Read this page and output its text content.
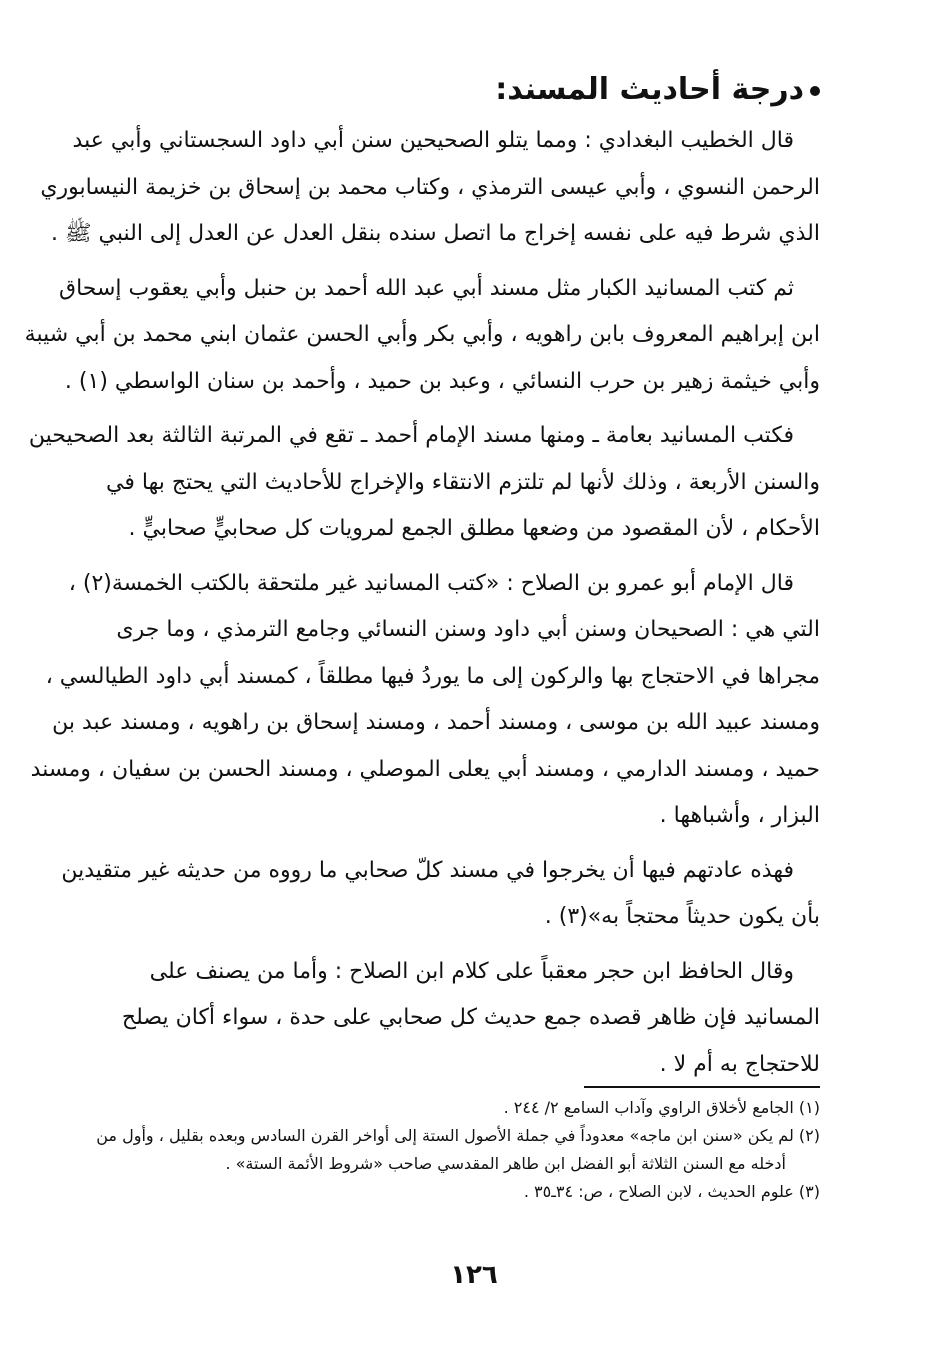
درجة أحاديث المسند:

قال الخطيب البغدادي : ومما يتلو الصحيحين سنن أبي داود السجستاني وأبي عبد
الرحمن النسوي ، وأبي عيسى الترمذي ، وكتاب محمد بن إسحاق بن خزيمة النيسابوري
الذي شرط فيه على نفسه إخراج ما اتصل سنده بنقل العدل عن العدل إلى النبي ﷺ .

ثم كتب المسانيد الكبار مثل مسند أبي عبد الله أحمد بن حنبل وأبي يعقوب إسحاق
ابن إبراهيم المعروف بابن راهويه ، وأبي بكر وأبي الحسن عثمان ابني محمد بن أبي شيبة
وأبي خيثمة زهير بن حرب النسائي ، وعبد بن حميد ، وأحمد بن سنان الواسطي (١) .

فكتب المسانيد بعامة ـ ومنها مسند الإمام أحمد ـ تقع في المرتبة الثالثة بعد الصحيحين
والسنن الأربعة ، وذلك لأنها لم تلتزم الانتقاء والإخراج للأحاديث التي يحتج بها في
الأحكام ، لأن المقصود من وضعها مطلق الجمع لمرويات كل صحابيٍّ صحابيٍّ .

قال الإمام أبو عمرو بن الصلاح : «كتب المسانيد غير ملتحقة بالكتب الخمسة(٢) ،
التي هي : الصحيحان وسنن أبي داود وسنن النسائي وجامع الترمذي ، وما جرى
مجراها في الاحتجاج بها والركون إلى ما يوردُ فيها مطلقاً ، كمسند أبي داود الطيالسي ،
ومسند عبيد الله بن موسى ، ومسند أحمد ، ومسند إسحاق بن راهويه ، ومسند عبد بن
حميد ، ومسند الدارمي ، ومسند أبي يعلى الموصلي ، ومسند الحسن بن سفيان ، ومسند
البزار ، وأشباهها .

فهذه عادتهم فيها أن يخرجوا في مسند كلّ صحابي ما رووه من حديثه غير متقيدين
بأن يكون حديثاً محتجاً به»(٣) .

وقال الحافظ ابن حجر معقباً على كلام ابن الصلاح : وأما من يصنف على
المسانيد فإن ظاهر قصده جمع حديث كل صحابي على حدة ، سواء أكان يصلح
للاحتجاج به أم لا .

(١) الجامع لأخلاق الراوي وآداب السامع ٢/ ٢٤٤ .

(٢) لم يكن «سنن ابن ماجه» معدوداً في جملة الأصول الستة إلى أواخر القرن السادس وبعده بقليل ، وأول من
أدخله مع السنن الثلاثة أبو الفضل ابن طاهر المقدسي صاحب «شروط الأئمة الستة» .

(٣) علوم الحديث ، لابن الصلاح ، ص: ٣٤ـ٣٥ .

١٢٦
